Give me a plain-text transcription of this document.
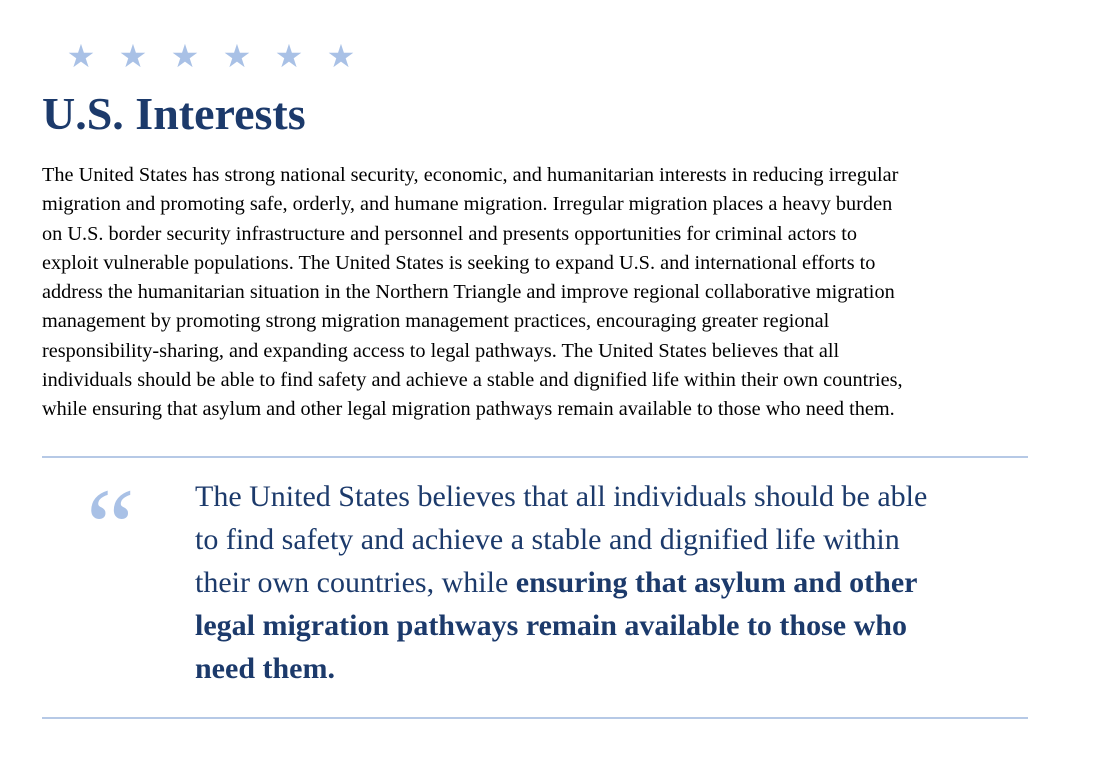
★ ★ ★ ★ ★ ★
U.S. Interests
The United States has strong national security, economic, and humanitarian interests in reducing irregular
migration and promoting safe, orderly, and humane migration. Irregular migration places a heavy burden
on U.S. border security infrastructure and personnel and presents opportunities for criminal actors to
exploit vulnerable populations. The United States is seeking to expand U.S. and international efforts to
address the humanitarian situation in the Northern Triangle and improve regional collaborative migration
management by promoting strong migration management practices, encouraging greater regional
responsibility-sharing, and expanding access to legal pathways. The United States believes that all
individuals should be able to find safety and achieve a stable and dignified life within their own countries,
while ensuring that asylum and other legal migration pathways remain available to those who need them.
“ The United States believes that all individuals should be able
to find safety and achieve a stable and dignified life within
their own countries, while ensuring that asylum and other
legal migration pathways remain available to those who
need them.
